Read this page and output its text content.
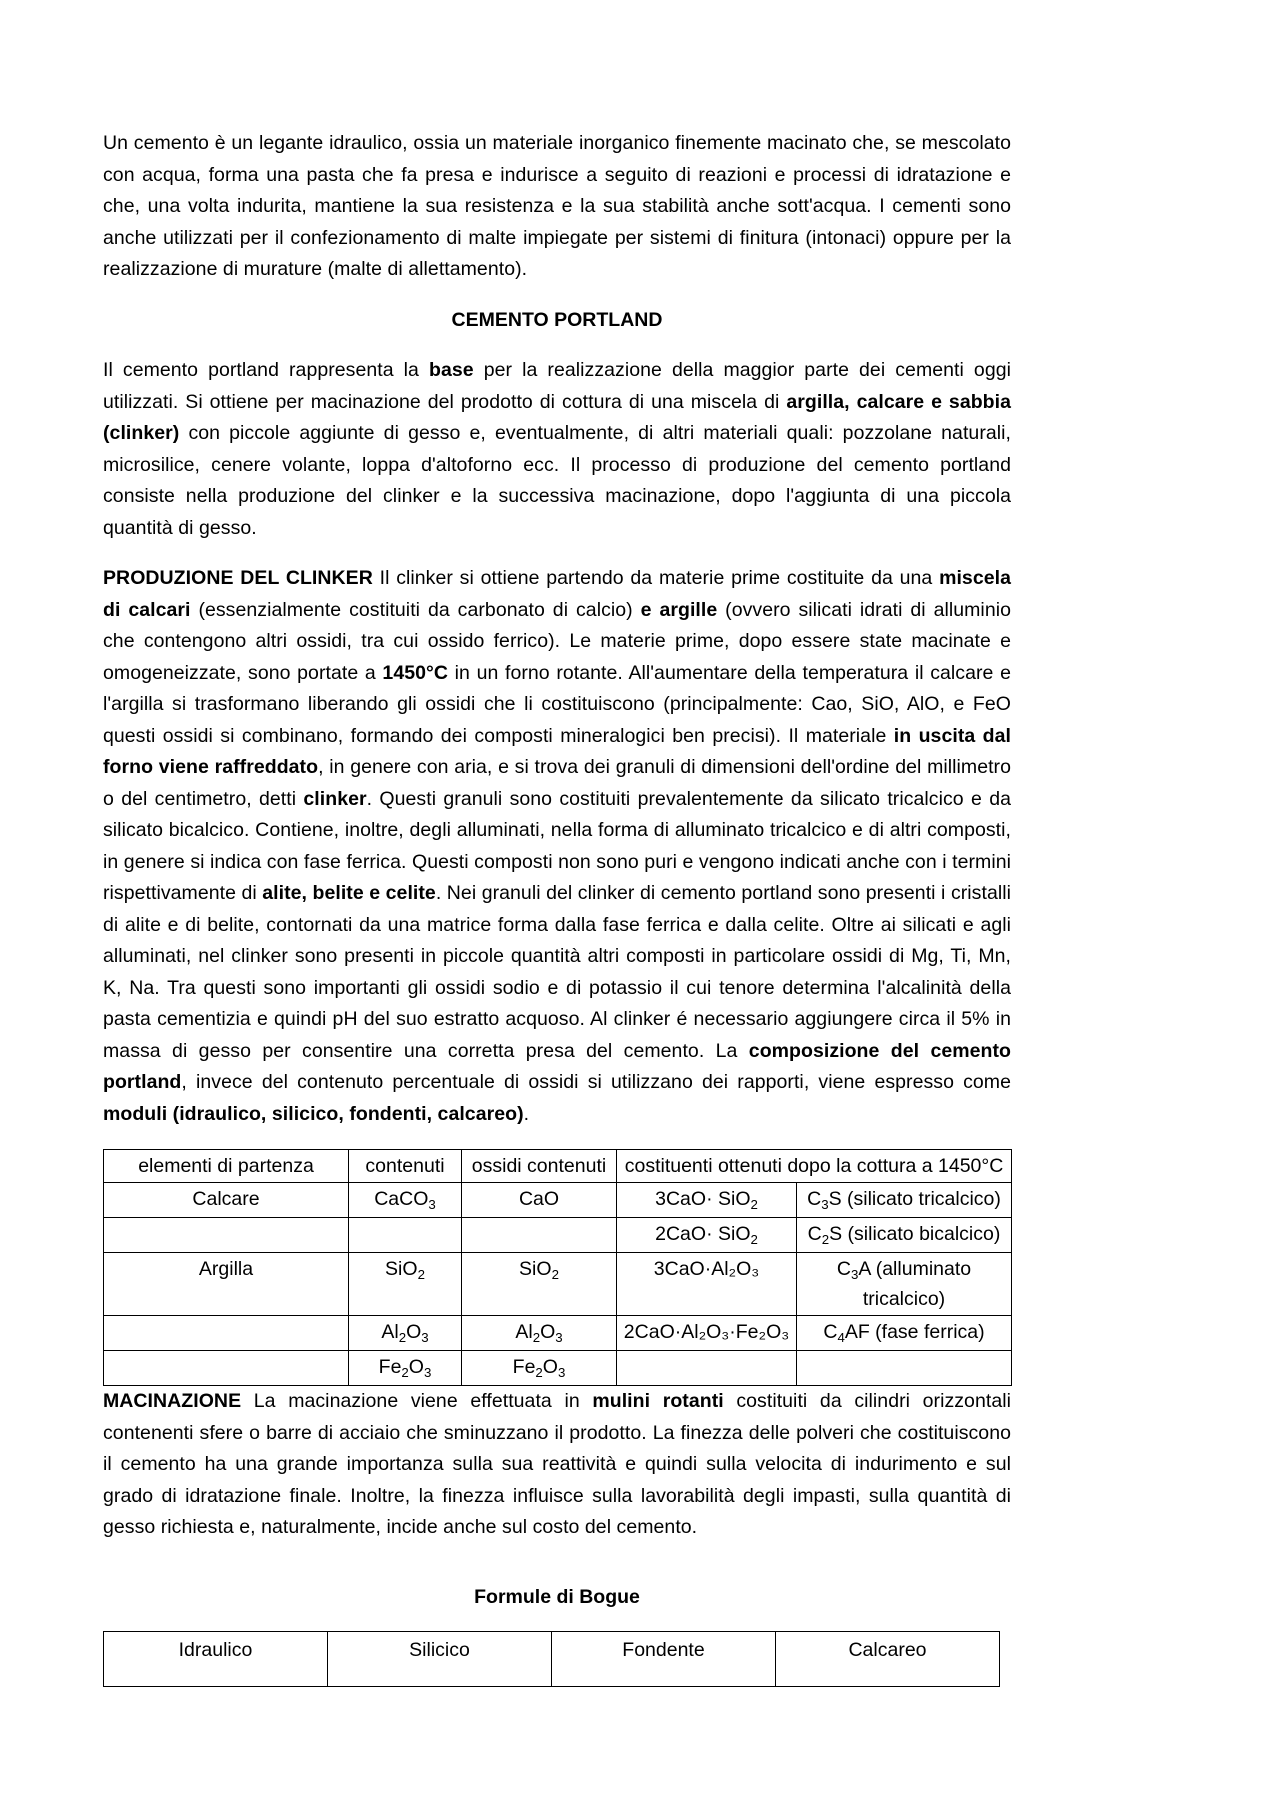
Un cemento è un legante idraulico, ossia un materiale inorganico finemente macinato che, se mescolato con acqua, forma una pasta che fa presa e indurisce a seguito di reazioni e processi di idratazione e che, una volta indurita, mantiene la sua resistenza e la sua stabilità anche sott'acqua. I cementi sono anche utilizzati per il confezionamento di malte impiegate per sistemi di finitura (intonaci) oppure per la realizzazione di murature (malte di allettamento).

CEMENTO PORTLAND

Il cemento portland rappresenta la base per la realizzazione della maggior parte dei cementi oggi utilizzati. Si ottiene per macinazione del prodotto di cottura di una miscela di argilla, calcare e sabbia (clinker) con piccole aggiunte di gesso e, eventualmente, di altri materiali quali: pozzolane naturali, microsilice, cenere volante, loppa d'altoforno ecc. Il processo di produzione del cemento portland consiste nella produzione del clinker e la successiva macinazione, dopo l'aggiunta di una piccola quantità di gesso.

PRODUZIONE DEL CLINKER Il clinker si ottiene partendo da materie prime costituite da una miscela di calcari (essenzialmente costituiti da carbonato di calcio) e argille (ovvero silicati idrati di alluminio che contengono altri ossidi, tra cui ossido ferrico). Le materie prime, dopo essere state macinate e omogeneizzate, sono portate a 1450°C in un forno rotante. All'aumentare della temperatura il calcare e l'argilla si trasformano liberando gli ossidi che li costituiscono (principalmente: Cao, SiO, AlO, e FeO questi ossidi si combinano, formando dei composti mineralogici ben precisi). Il materiale in uscita dal forno viene raffreddato, in genere con aria, e si trova dei granuli di dimensioni dell'ordine del millimetro o del centimetro, detti clinker. Questi granuli sono costituiti prevalentemente da silicato tricalcico e da silicato bicalcico. Contiene, inoltre, degli alluminati, nella forma di alluminato tricalcico e di altri composti, in genere si indica con fase ferrica. Questi composti non sono puri e vengono indicati anche con i termini rispettivamente di alite, belite e celite. Nei granuli del clinker di cemento portland sono presenti i cristalli di alite e di belite, contornati da una matrice forma dalla fase ferrica e dalla celite. Oltre ai silicati e agli alluminati, nel clinker sono presenti in piccole quantità altri composti in particolare ossidi di Mg, Ti, Mn, K, Na. Tra questi sono importanti gli ossidi sodio e di potassio il cui tenore determina l'alcalinità della pasta cementizia e quindi pH del suo estratto acquoso. Al clinker é necessario aggiungere circa il 5% in massa di gesso per consentire una corretta presa del cemento. La composizione del cemento portland, invece del contenuto percentuale di ossidi si utilizzano dei rapporti, viene espresso come moduli (idraulico, silicico, fondenti, calcareo).

elementi di partenza	contenuti	ossidi contenuti	costituenti ottenuti dopo la cottura a 1450°C	
Calcare	CaCO$_3$	CaO	3CaO· SiO$_2$	$C_3S$ (silicato tricalcico)
			2CaO· SiO$_2$	$C_2S$ (silicato bicalcico)
Argilla	SiO$_2$	SiO$_2$	3CaO·Al₂O₃	$C_3A$ (alluminato tricalcico)
	$Al_2O_3$	$Al_2O_3$	2CaO·Al₂O₃·Fe₂O₃	$C_4AF$ (fase ferrica)
	$Fe_2O_3$	$Fe_2O_3$		

MACINAZIONE La macinazione viene effettuata in mulini rotanti costituiti da cilindri orizzontali contenenti sfere o barre di acciaio che sminuzzano il prodotto. La finezza delle polveri che costituiscono il cemento ha una grande importanza sulla sua reattività e quindi sulla velocita di indurimento e sul grado di idratazione finale. Inoltre, la finezza influisce sulla lavorabilità degli impasti, sulla quantità di gesso richiesta e, naturalmente, incide anche sul costo del cemento.

Formule di Bogue
Idraulico	Silicico	Fondente	Calcareo
